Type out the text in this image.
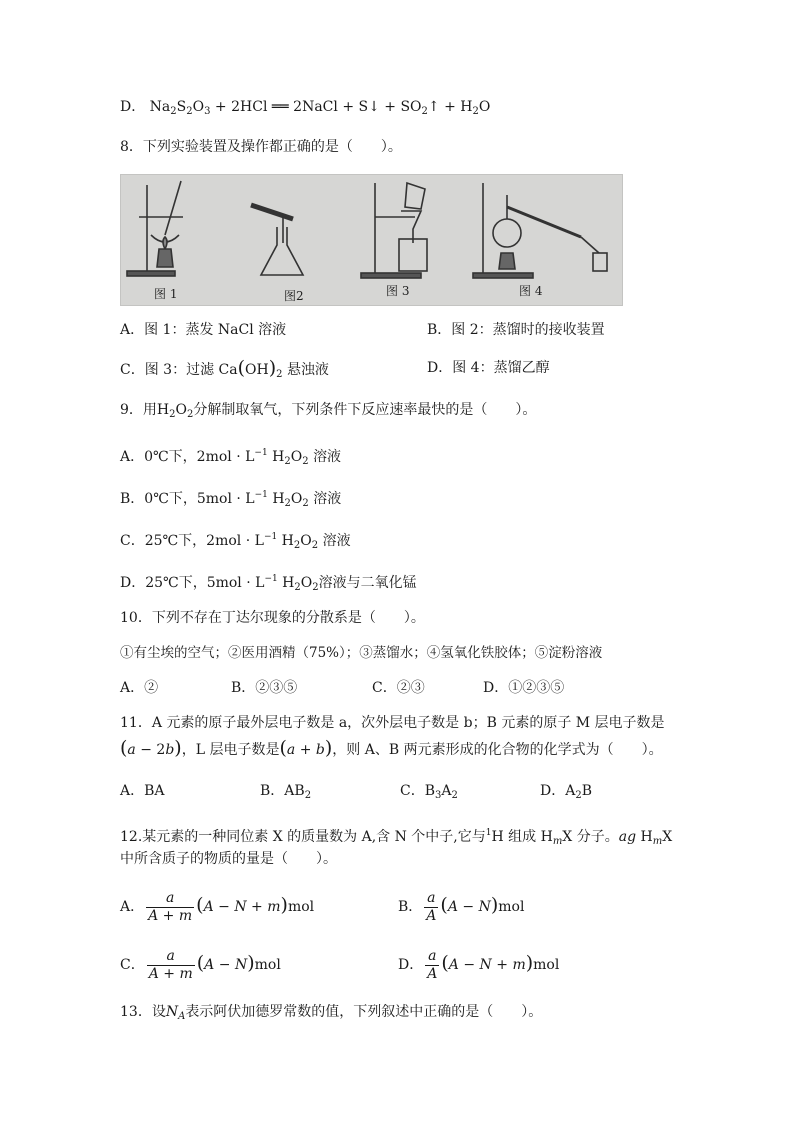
D． $Na_2S_2O_3 + 2HCl$ ══ 2NaCl + S↓ + $SO_2↑ + H_2O$
8．下列实验装置及操作都正确的是（　　）。
图 1	图2	图 3	图 4
A．图 1：蒸发 NaCl 溶液	B．图 2：蒸馏时的接收装置
C．图 3：过滤 $Ca(OH)_2$ 悬浊液	D．图 4：蒸馏乙醇
9．用$H_2O_2$分解制取氧气，下列条件下反应速率最快的是（　　）。
A．0℃下，$2mol \cdot L^{-1}$ $H_2O_2$ 溶液
B．0℃下，$5mol \cdot L^{-1}$ $H_2O_2$ 溶液
C．25℃下，$2mol \cdot L^{-1}$ $H_2O_2$ 溶液
D．25℃下，$5mol \cdot L^{-1}$ $H_2O_2$溶液与二氧化锰
10．下列不存在丁达尔现象的分散系是（　　）。
①有尘埃的空气；②医用酒精（75%）；③蒸馏水；④氢氧化铁胶体；⑤淀粉溶液
A．②	B．②③⑤	C．②③	D．①②③⑤
11．A 元素的原子最外层电子数是 a，次外层电子数是 b；B 元素的原子 M 层电子数是
(a − 2b)，L 层电子数是(a + b)，则 A、B 两元素形成的化合物的化学式为（　　）。
A．BA	B．$AB_2$	C．$B_3A_2$	D．$A_2B$
12.某元素的一种同位素 X 的质量数为 A,含 N 个中子,它与$^1$H 组成 $H_mX$ 分子。ag $H_mX$
中所含质子的物质的量是（　　）。
A． $\frac{a}{A + m} (A - N + m)mol$	B． $\frac{a}{A} (A - N)mol$
C． $\frac{a}{A + m} (A - N)mol$	D． $\frac{a}{A} (A - N + m)mol$
13．设$N_A$表示阿伏加德罗常数的值，下列叙述中正确的是（　　）。
